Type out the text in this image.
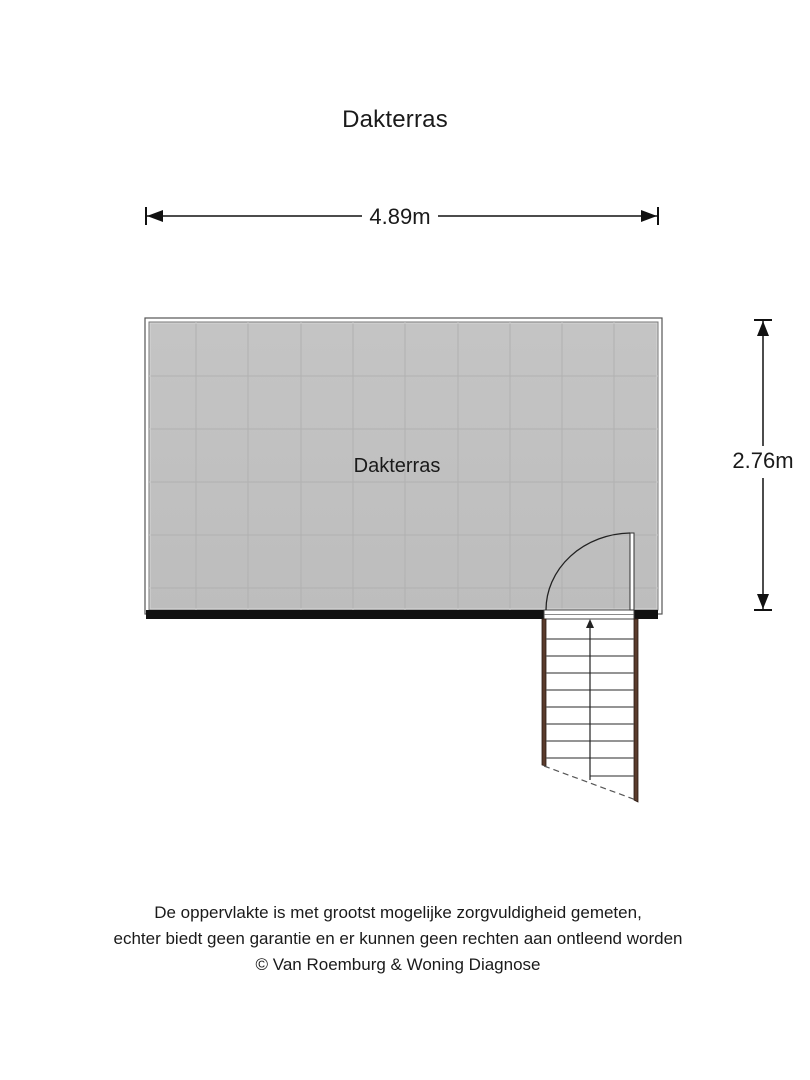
Dakterras
4.89m
2.76m
Dakterras
De oppervlakte is met grootst mogelijke zorgvuldigheid gemeten,
echter biedt geen garantie en er kunnen geen rechten aan ontleend worden
© Van Roemburg & Woning Diagnose
